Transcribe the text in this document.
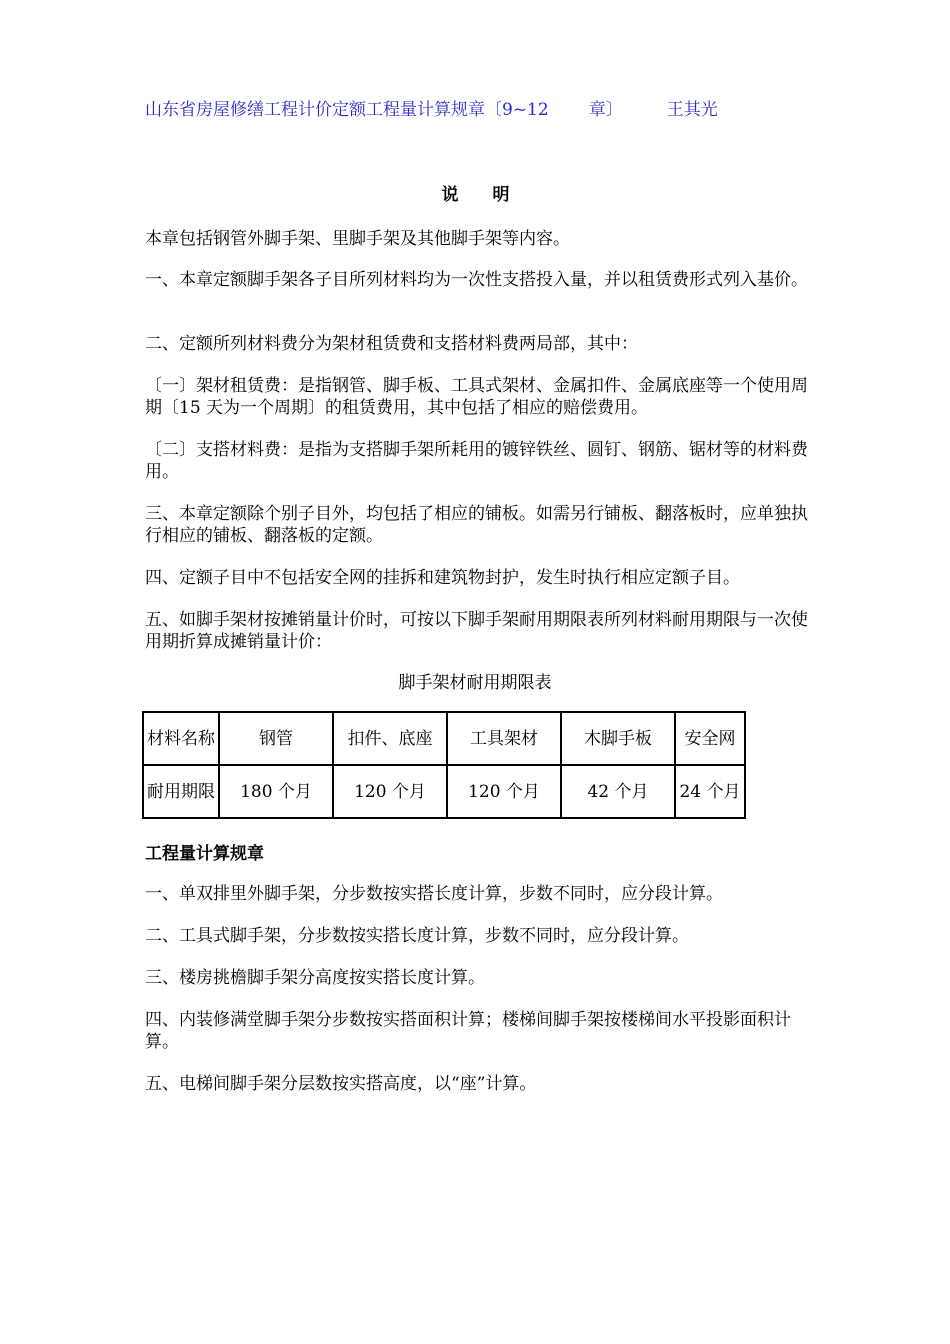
山东省房屋修缮工程计价定额工程量计算规章〔9~12 章〕	王其光
说 明

本章包括钢管外脚手架、里脚手架及其他脚手架等内容。

一、本章定额脚手架各子目所列材料均为一次性支搭投入量，并以租赁费形式列入基价。

二、定额所列材料费分为架材租赁费和支搭材料费两局部，其中：

〔一〕架材租赁费：是指钢管、脚手板、工具式架材、金属扣件、金属底座等一个使用周期〔15 天为一个周期〕的租赁费用，其中包括了相应的赔偿费用。

〔二〕支搭材料费：是指为支搭脚手架所耗用的镀锌铁丝、圆钉、钢筋、锯材等的材料费用。

三、本章定额除个别子目外，均包括了相应的铺板。如需另行铺板、翻落板时，应单独执行相应的铺板、翻落板的定额。

四、定额子目中不包括安全网的挂拆和建筑物封护，发生时执行相应定额子目。

五、如脚手架材按摊销量计价时，可按以下脚手架耐用期限表所列材料耐用期限与一次使用期折算成摊销量计价：

脚手架材耐用期限表
材料名称	钢管	扣件、底座	工具架材	木脚手板	安全网
耐用期限	180 个月	120 个月	120 个月	42 个月	24 个月
工程量计算规章

一、单双排里外脚手架，分步数按实搭长度计算，步数不同时，应分段计算。

二、工具式脚手架，分步数按实搭长度计算，步数不同时，应分段计算。

三、楼房挑檐脚手架分高度按实搭长度计算。

四、内装修满堂脚手架分步数按实搭面积计算；楼梯间脚手架按楼梯间水平投影面积计算。

五、电梯间脚手架分层数按实搭高度，以“座”计算。
